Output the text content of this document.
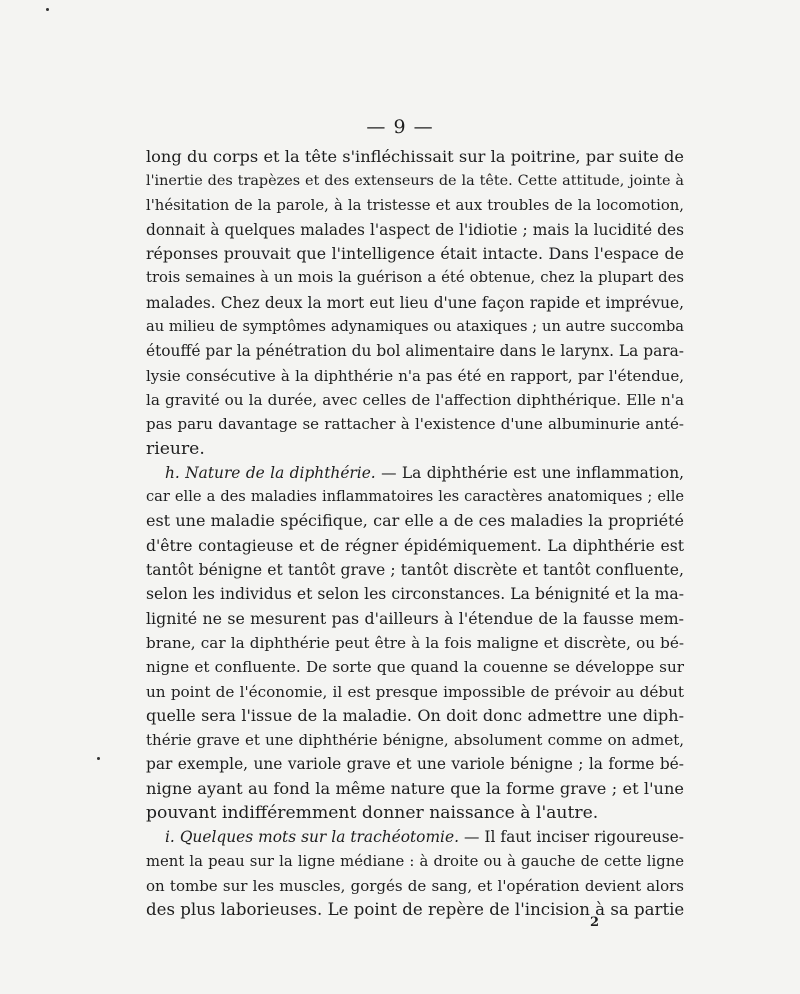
— 9 —
long du corps et la tête s'infléchissait sur la poitrine, par suite de
l'inertie des trapèzes et des extenseurs de la tête. Cette attitude, jointe à
l'hésitation de la parole, à la tristesse et aux troubles de la locomotion,
donnait à quelques malades l'aspect de l'idiotie ; mais la lucidité des
réponses prouvait que l'intelligence était intacte. Dans l'espace de
trois semaines à un mois la guérison a été obtenue, chez la plupart des
malades. Chez deux la mort eut lieu d'une façon rapide et imprévue,
au milieu de symptômes adynamiques ou ataxiques ; un autre succomba
étouffé par la pénétration du bol alimentaire dans le larynx. La para-
lysie consécutive à la diphthérie n'a pas été en rapport, par l'étendue,
la gravité ou la durée, avec celles de l'affection diphthérique. Elle n'a
pas paru davantage se rattacher à l'existence d'une albuminurie anté-
rieure.
h. Nature de la diphthérie. — La diphthérie est une inflammation,
car elle a des maladies inflammatoires les caractères anatomiques ; elle
est une maladie spécifique, car elle a de ces maladies la propriété
d'être contagieuse et de régner épidémiquement. La diphthérie est
tantôt bénigne et tantôt grave ; tantôt discrète et tantôt confluente,
selon les individus et selon les circonstances. La bénignité et la ma-
lignité ne se mesurent pas d'ailleurs à l'étendue de la fausse mem-
brane, car la diphthérie peut être à la fois maligne et discrète, ou bé-
nigne et confluente. De sorte que quand la couenne se développe sur
un point de l'économie, il est presque impossible de prévoir au début
quelle sera l'issue de la maladie. On doit donc admettre une diph-
thérie grave et une diphthérie bénigne, absolument comme on admet,
par exemple, une variole grave et une variole bénigne ; la forme bé-
nigne ayant au fond la même nature que la forme grave ; et l'une
pouvant indifféremment donner naissance à l'autre.
i. Quelques mots sur la trachéotomie. — Il faut inciser rigoureuse-
ment la peau sur la ligne médiane : à droite ou à gauche de cette ligne
on tombe sur les muscles, gorgés de sang, et l'opération devient alors
des plus laborieuses. Le point de repère de l'incision à sa partie
2
